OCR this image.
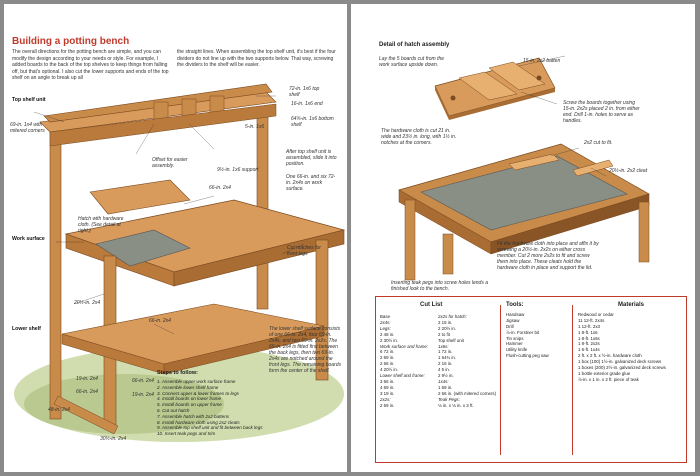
Building a potting bench
The overall directions for the potting bench are simple, and you can modify the design according to your needs or style. For example, I added boards to the back of the top shelves to keep things from falling off, but that's optional. I also cut the lower supports and ends of the top shelf on an angle to break up all
the straight lines. When assembling the top shelf unit, it's best if the four dividers do not line up with the two supports below. That way, screwing the dividers to the shelf will be easier.
Top shelf unit
69-in. 1x4 with mitered corners
72-in. 1x6 top shelf
16-in. 1x6 end
64¾-in. 1x6 bottom shelf
5-in. 1x6
Offset for easier assembly.
9½-in. 1x6 support
After top shelf unit is assembled, slide it into position.
One 66-in. and six 72-in. 2x4s on work surface.
66-in. 2x4
Hatch with hardware cloth. (See detail at right.)
Work surface
Cut notches for front legs
20½-in. 2x4
66-in. 2x4
Lower shelf	The lower shelf surface consists of one 66-in. 2x4, four 69-in. 2x4s, and two 69-in. 2x2s. The 66-in. 2x4 is fitted first between the back legs, then two 69-in. 2x4s are notched around the front legs. The remaining boards form the center of the shelf.
19-in. 2x4
66-in. 2x4
48-in. 2x4
66-in. 2x4
19-in. 2x4
30½-in. 2x4
Steps to follow:
1. Assemble upper work surface frame
2. Assemble lower shelf frame
3. Connect upper & lower frames to legs
4. Install boards on lower frame
5. Install boards on upper frame
6. Cut out hatch
7. Assemble hatch with 2x2 battens
8. Install hardware cloth using 2x2 cleats
9. Assemble top shelf unit and fit between back legs
10. Insert teak pegs and trim
Detail of hatch assembly
Lay the 5 boards cut from the work surface upside down.
15-in. 2x2 batten
Screw the boards together using 15-in. 2x2s placed 2 in. from either end. Drill 1-in. holes to serve as handles.
The hardware cloth is cut 21 in. wide and 23½ in. long, with 1½ in. notches at the corners.	2x2 cut to fit.
20½-in. 2x2 cleat
Fit the hardware cloth into place and affix it by screwing a 20½-in. 2x2s on either cross member. Cut 2 more 2x2s to fit and screw them into place. These cleats hold the hardware cloth in place and support the lid.
Inserting teak pegs into screw holes lends a finished look to the bench.
Cut List
Base
2x4s:
Legs:
2 48 in.
2 30½ in.
Work surface and frame:
6 72 in.
2 69 in.
2 66 in.
4 20½ in.
Lower shelf and frame:
3 66 in.
4 69 in.
3 19 in.
2x2s:
2 69 in.
2x2s for hatch:
2 15 in.
2 20½ in.
2 to fit
Top shelf unit
1x6s:
1 72 in.
1 64¾ in.
2 16 in.
4 5 in.
2 9½ in.
1x4s:
1 69 in.
2 66 in. (with mitered corners)
Teak Pegs:
⅛ in. x ⅛ in. x 3 ft.
Tools:
Handsaw
Jigsaw
Drill
⅞-in. Forstner bit
Tin snips
Hammer
Utility knife
Flush-cutting peg saw
Materials
Redwood or cedar
11 12-ft. 2x4s
1 12-ft. 2x3
1 8-ft. 1x6
1 8-ft. 1x6s
1 8-ft. 2x2s
1 6-ft. 1x4s
2 ft. x 2 ft. x ½-in. hardware cloth
1 box (100) 1½-in. galvanized deck screws
1 boxes (200) 2½-in. galvanized deck screws
1 bottle exterior grade glue
⅞-in. x 1 in. x 2 ft. piece of teak
